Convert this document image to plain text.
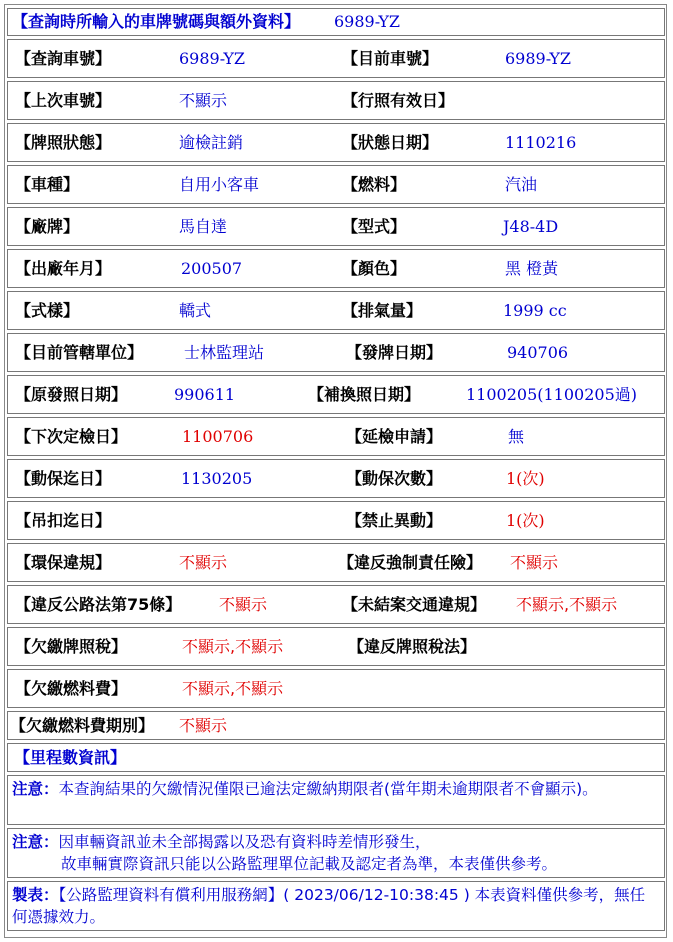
【查詢時所輸入的車牌號碼與額外資料】 6989-YZ
【查詢車號】	6989-YZ	【目前車號】	6989-YZ
【上次車號】	不顯示	【行照有效日】
【牌照狀態】	逾檢註銷	【狀態日期】	1110216
【車種】	自用小客車	【燃料】	汽油
【廠牌】	馬自達	【型式】	J48-4D
【出廠年月】	200507	【顏色】	黑 橙黃
【式樣】	轎式	【排氣量】	1999 cc
【目前管轄單位】	士林監理站	【發牌日期】	940706
【原發照日期】	990611	【補換照日期】	1100205(1100205過)
【下次定檢日】	1100706	【延檢申請】	無
【動保迄日】	1130205	【動保次數】	1(次)
【吊扣迄日】	【禁止異動】	1(次)
【環保違規】	不顯示	【違反強制責任險】 不顯示
【違反公路法第75條】 不顯示	【未結案交通違規】 不顯示,不顯示
【欠繳牌照稅】	不顯示,不顯示	【違反牌照稅法】
【欠繳燃料費】	不顯示,不顯示
【欠繳燃料費期別】 不顯示
【里程數資訊】
注意：本查詢結果的欠繳情況僅限已逾法定繳納期限者(當年期未逾期限者不會顯示)。
注意：因車輛資訊並未全部揭露以及恐有資料時差情形發生，
故車輛實際資訊只能以公路監理單位記載及認定者為準，本表僅供參考。
製表：【公路監理資料有償利用服務網】( 2023/06/12-10:38:45 ) 本表資料僅供參考，無任何憑據效力。
